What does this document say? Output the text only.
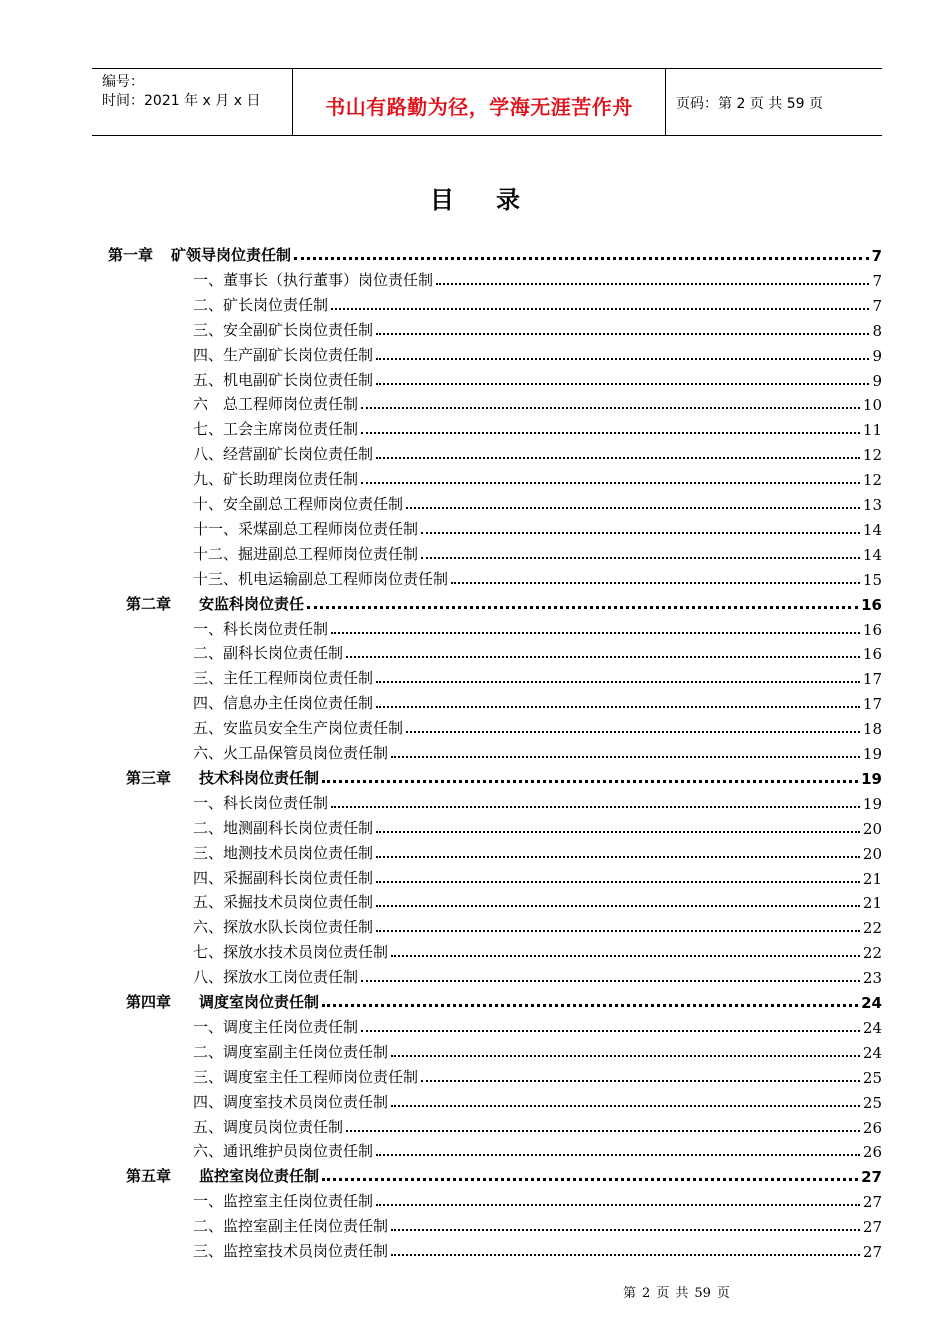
编号：
时间：2021 年 x 月 x 日	书山有路勤为径，学海无涯苦作舟	页码：第 2 页 共 59 页
目 录
第一章 矿领导岗位责任制	7
一、董事长（执行董事）岗位责任制	7
二、矿长岗位责任制	7
三、安全副矿长岗位责任制	8
四、生产副矿长岗位责任制	9
五、机电副矿长岗位责任制	9
六　总工程师岗位责任制	10
七、工会主席岗位责任制	11
八、经营副矿长岗位责任制	12
九、矿长助理岗位责任制	12
十、安全副总工程师岗位责任制	13
十一、采煤副总工程师岗位责任制	14
十二、掘进副总工程师岗位责任制	14
十三、机电运输副总工程师岗位责任制	15
第二章 安监科岗位责任	16
一、科长岗位责任制	16
二、副科长岗位责任制	16
三、主任工程师岗位责任制	17
四、信息办主任岗位责任制	17
五、安监员安全生产岗位责任制	18
六、火工品保管员岗位责任制	19
第三章 技术科岗位责任制	19
一、科长岗位责任制	19
二、地测副科长岗位责任制	20
三、地测技术员岗位责任制	20
四、采掘副科长岗位责任制	21
五、采掘技术员岗位责任制	21
六、探放水队长岗位责任制	22
七、探放水技术员岗位责任制	22
八、探放水工岗位责任制	23
第四章 调度室岗位责任制	24
一、调度主任岗位责任制	24
二、调度室副主任岗位责任制	24
三、调度室主任工程师岗位责任制	25
四、调度室技术员岗位责任制	25
五、调度员岗位责任制	26
六、通讯维护员岗位责任制	26
第五章 监控室岗位责任制	27
一、监控室主任岗位责任制	27
二、监控室副主任岗位责任制	27
三、监控室技术员岗位责任制	27
第 2 页 共 59 页
